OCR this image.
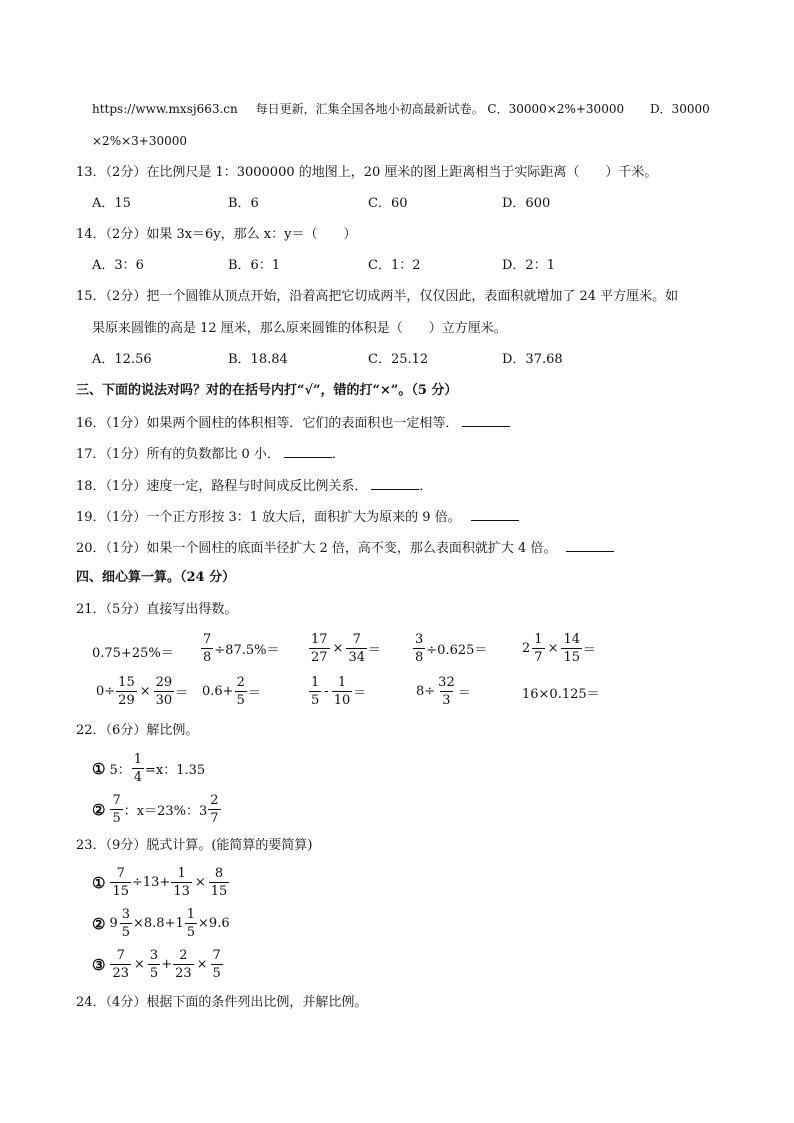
https://www.mxsj663.cn 每日更新，汇集全国各地小初高最新试卷。 C．30000×2%+30000 D．30000
×2%×3+30000
13．（2分）在比例尺是 1：3000000 的地图上，20 厘米的图上距离相当于实际距离（　　）千米。
A．15	B．6	C．60	D．600
14．（2分）如果 3x＝6y，那么 x：y＝（　　）
A．3：6	B．6：1	C．1：2	D．2：1
15．（2分）把一个圆锥从顶点开始，沿着高把它切成两半，仅仅因此，表面积就增加了 24 平方厘米。如
果原来圆锥的高是 12 厘米，那么原来圆锥的体积是（　　）立方厘米。
A．12.56	B．18.84	C．25.12	D．37.68
三、下面的说法对吗？对的在括号内打“√”，错的打“×”。（5 分）
16．（1分）如果两个圆柱的体积相等．它们的表面积也一定相等．
17．（1分）所有的负数都比 0 小．	．
18．（1分）速度一定，路程与时间成反比例关系．	．
19．（1分）一个正方形按 3：1 放大后，面积扩大为原来的 9 倍。
20．（1分）如果一个圆柱的底面半径扩大 2 倍，高不变，那么表面积就扩大 4 倍。
四、细心算一算。（24 分）
21．（5分）直接写出得数。
$0.75+25\%= \frac{7}{8} \div 87.5\%= \frac{17}{27} \times \frac{7}{34} = \frac{3}{8} \div 0.625=$	$2 \frac{1}{7} \times \frac{14}{15}$ ＝
$0\div \frac{15}{29} \times \frac{29}{30} = 0.6+ \frac{2}{5}$ ＝	$\frac{1}{5} - \frac{1}{10}$ ＝	$8\div \frac{32}{3}$ ＝	16×0.125＝
22．（6分）解比例。
① 5： $\frac{1}{4} =x$：1.35
② $\frac{7}{5}$ ：x＝23%：$3 \frac{2}{7}$
23．（9分）脱式计算。(能简算的要简算)
① $\frac{7}{15} \div 13+ \frac{1}{13} \times \frac{8}{15}$
② $9 \frac{3}{5} \times 8.8+1 \frac{1}{5} \times 9.6$
③ $\frac{7}{23} \times \frac{3}{5} + \frac{2}{23} \times \frac{7}{5}$
24．（4分）根据下面的条件列出比例，并解比例。
